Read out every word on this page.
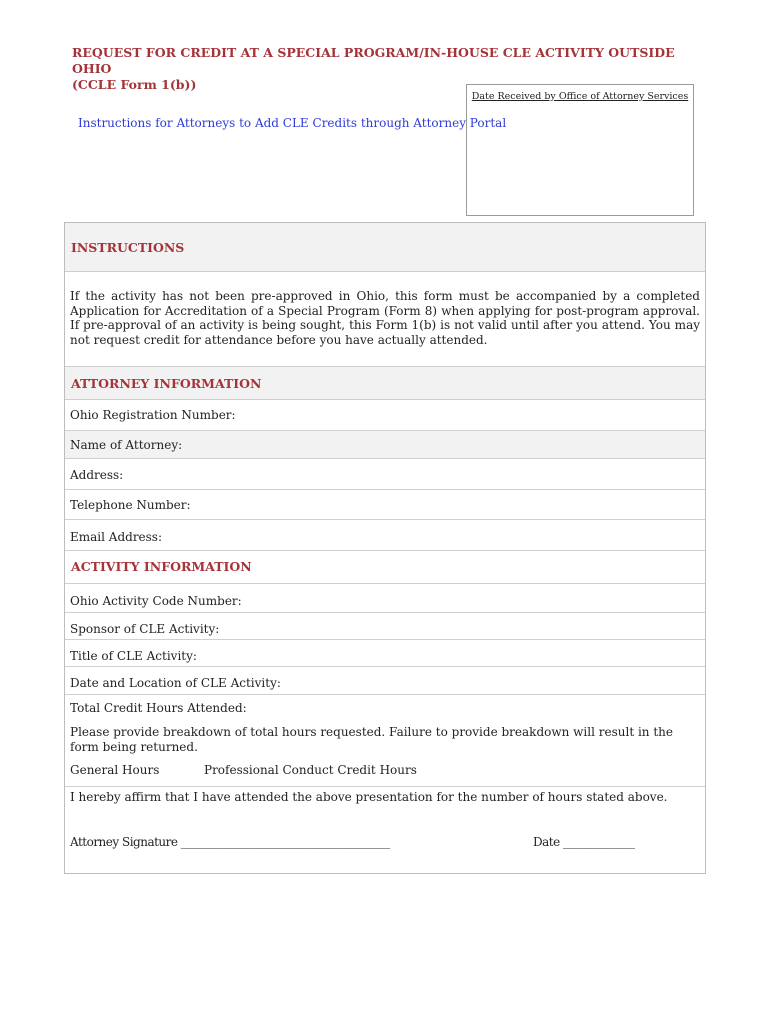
REQUEST FOR CREDIT AT A SPECIAL PROGRAM/IN-HOUSE CLE ACTIVITY OUTSIDE OHIO
(CCLE Form 1(b))
Instructions for Attorneys to Add CLE Credits through Attorney Portal
Date Received by Office of Attorney Services
INSTRUCTIONS
If the activity has not been pre-approved in Ohio, this form must be accompanied by a completed Application for Accreditation of a Special Program (Form 8) when applying for post-program approval. If pre-approval of an activity is being sought, this Form 1(b) is not valid until after you attend. You may not request credit for attendance before you have actually attended.
ATTORNEY INFORMATION
Ohio Registration Number:
Name of Attorney:
Address:
Telephone Number:
Email Address:
ACTIVITY INFORMATION
Ohio Activity Code Number:
Sponsor of CLE Activity:
Title of CLE Activity:
Date and Location of CLE Activity:
Total Credit Hours Attended:
Please provide breakdown of total hours requested. Failure to provide breakdown will result in the form being returned.
General Hours	Professional Conduct Credit Hours
I hereby affirm that I have attended the above presentation for the number of hours stated above.
Attorney Signature ______________________________________	Date _____________
